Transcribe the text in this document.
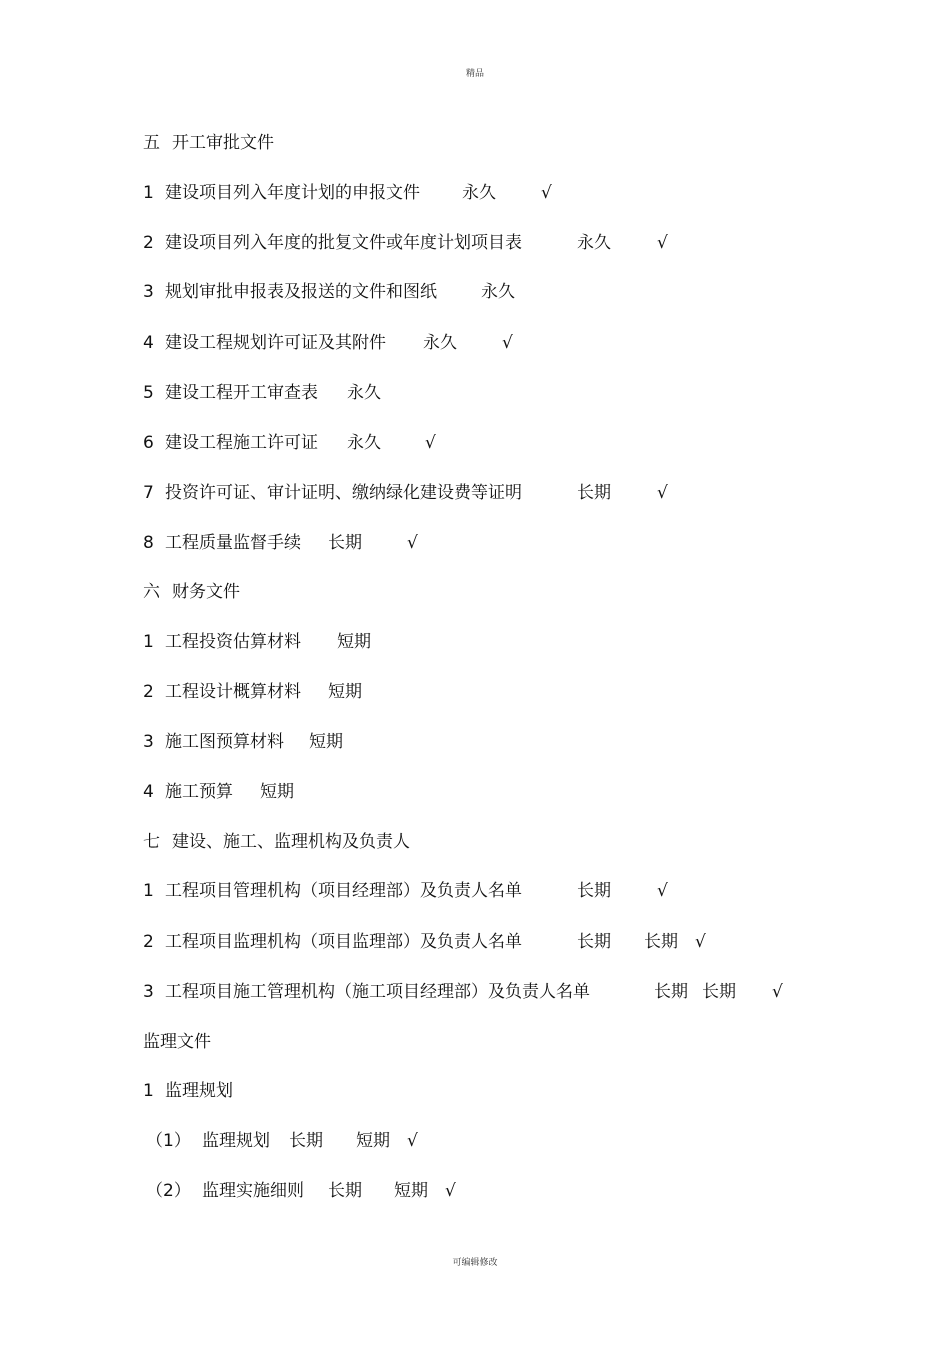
精品
五 开工审批文件
1 建设项目列入年度计划的申报文件 永久	√
2 建设项目列入年度的批复文件或年度计划项目表	永久	√
3 规划审批申报表及报送的文件和图纸	永久
4 建设工程规划许可证及其附件 永久	√
5 建设工程开工审查表 永久
6 建设工程施工许可证 永久	√
7 投资许可证、审计证明、缴纳绿化建设费等证明	长期	√
8 工程质量监督手续 长期	√
六 财务文件
1 工程投资估算材料 短期
2 工程设计概算材料 短期
3 施工图预算材料 短期
4 施工预算 短期
七 建设、施工、监理机构及负责人
1 工程项目管理机构（项目经理部）及负责人名单	长期	√
2 工程项目监理机构（项目监理部）及负责人名单	长期 长期 √
3 工程项目施工管理机构（施工项目经理部）及负责人名单	长期 长期 √
监理文件
1 监理规划
（1） 监理规划 长期 短期 √
（2） 监理实施细则 长期 短期 √
可编辑修改
